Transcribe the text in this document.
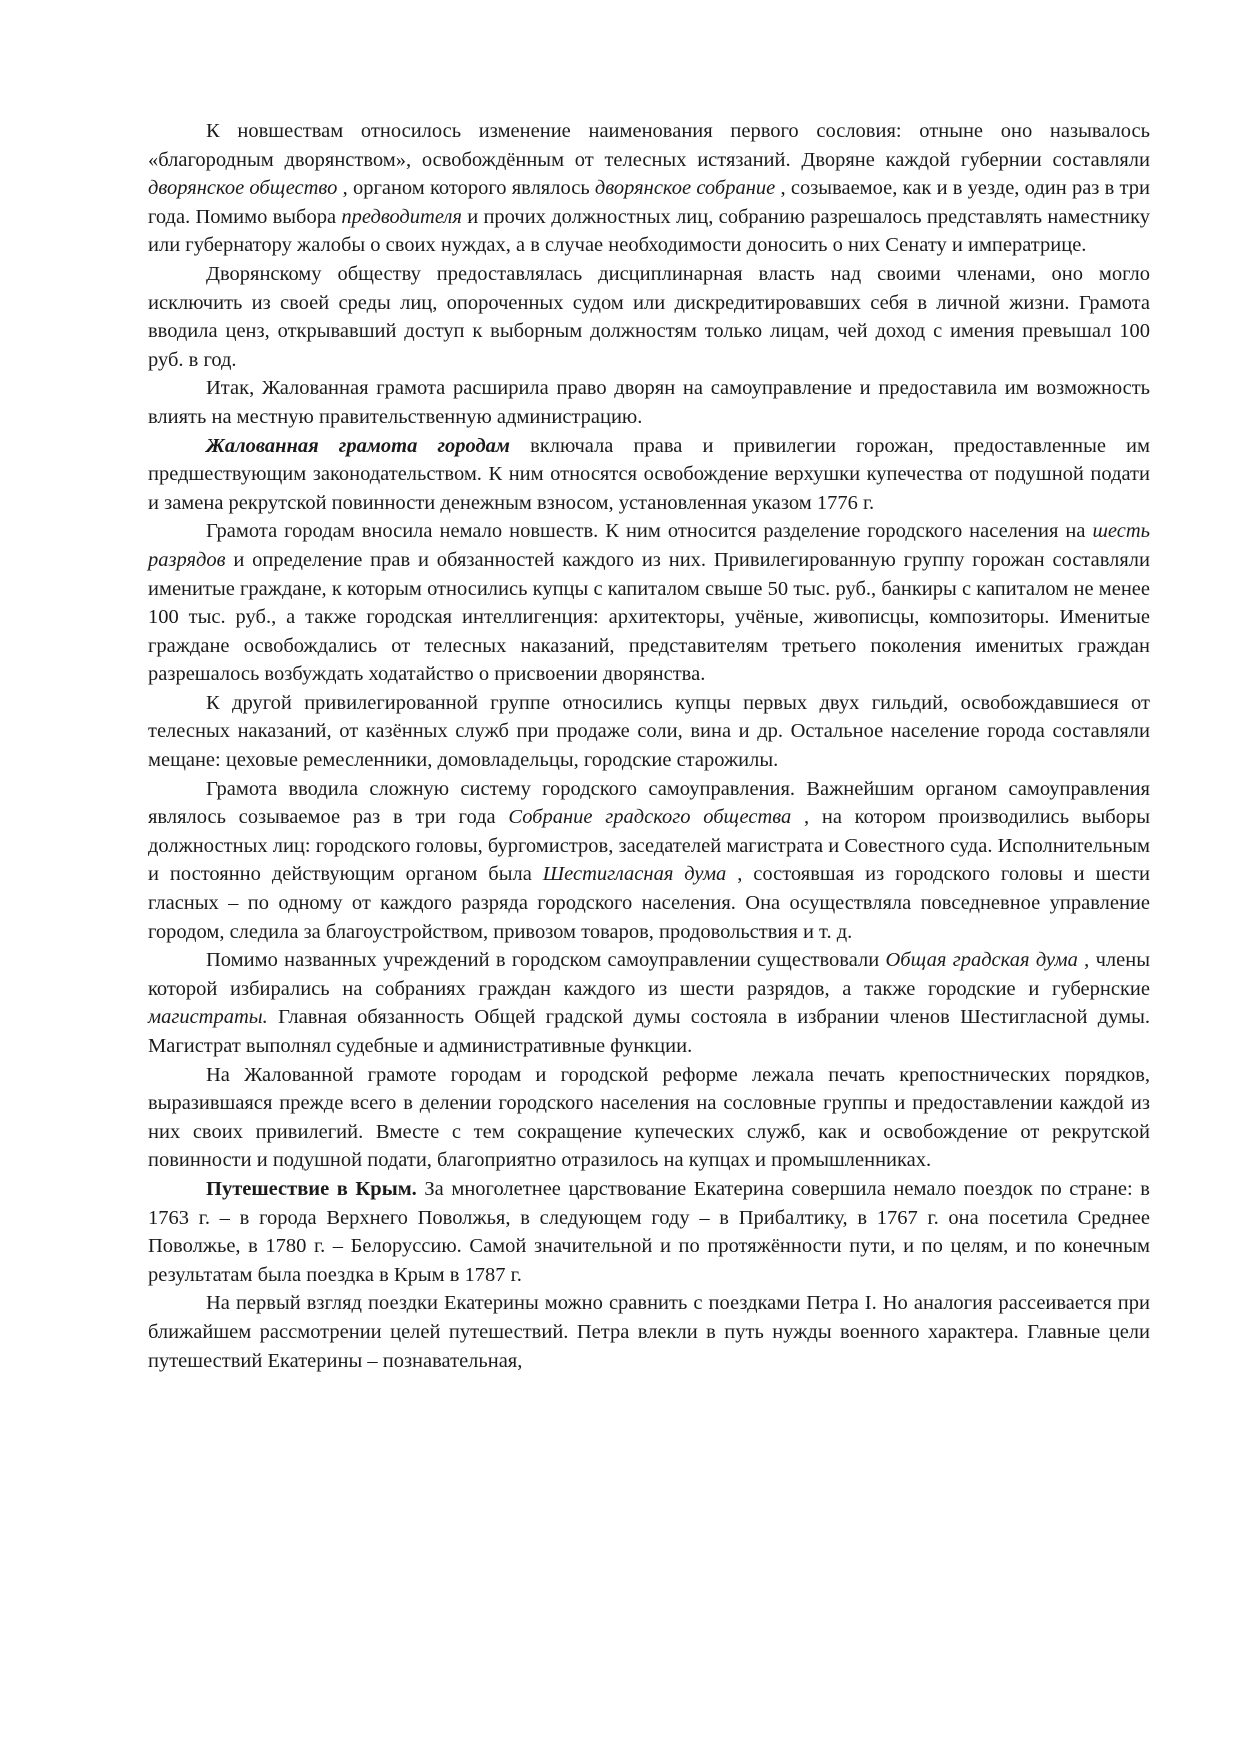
К новшествам относилось изменение наименования первого сословия: отныне оно называлось «благородным дворянством», освобождённым от телесных истязаний. Дворяне каждой губернии составляли дворянское общество , органом которого являлось дворянское собрание , созываемое, как и в уезде, один раз в три года. Помимо выбора предводителя и прочих должностных лиц, собранию разрешалось представлять наместнику или губернатору жалобы о своих нуждах, а в случае необходимости доносить о них Сенату и императрице.

Дворянскому обществу предоставлялась дисциплинарная власть над своими членами, оно могло исключить из своей среды лиц, опороченных судом или дискредитировавших себя в личной жизни. Грамота вводила ценз, открывавший доступ к выборным должностям только лицам, чей доход с имения превышал 100 руб. в год.

Итак, Жалованная грамота расширила право дворян на самоуправление и предоставила им возможность влиять на местную правительственную администрацию.

Жалованная грамота городам включала права и привилегии горожан, предоставленные им предшествующим законодательством. К ним относятся освобождение верхушки купечества от подушной подати и замена рекрутской повинности денежным взносом, установленная указом 1776 г.

Грамота городам вносила немало новшеств. К ним относится разделение городского населения на шесть разрядов и определение прав и обязанностей каждого из них. Привилегированную группу горожан составляли именитые граждане, к которым относились купцы с капиталом свыше 50 тыс. руб., банкиры с капиталом не менее 100 тыс. руб., а также городская интеллигенция: архитекторы, учёные, живописцы, композиторы. Именитые граждане освобождались от телесных наказаний, представителям третьего поколения именитых граждан разрешалось возбуждать ходатайство о присвоении дворянства.

К другой привилегированной группе относились купцы первых двух гильдий, освобождавшиеся от телесных наказаний, от казённых служб при продаже соли, вина и др. Остальное население города составляли мещане: цеховые ремесленники, домовладельцы, городские старожилы.

Грамота вводила сложную систему городского самоуправления. Важнейшим органом самоуправления являлось созываемое раз в три года Собрание градского общества , на котором производились выборы должностных лиц: городского головы, бургомистров, заседателей магистрата и Совестного суда. Исполнительным и постоянно действующим органом была Шестигласная дума , состоявшая из городского головы и шести гласных – по одному от каждого разряда городского населения. Она осуществляла повседневное управление городом, следила за благоустройством, привозом товаров, продовольствия и т. д.

Помимо названных учреждений в городском самоуправлении существовали Общая градская дума , члены которой избирались на собраниях граждан каждого из шести разрядов, а также городские и губернские магистраты. Главная обязанность Общей градской думы состояла в избрании членов Шестигласной думы. Магистрат выполнял судебные и административные функции.

На Жалованной грамоте городам и городской реформе лежала печать крепостнических порядков, выразившаяся прежде всего в делении городского населения на сословные группы и предоставлении каждой из них своих привилегий. Вместе с тем сокращение купеческих служб, как и освобождение от рекрутской повинности и подушной подати, благоприятно отразилось на купцах и промышленниках.

Путешествие в Крым. За многолетнее царствование Екатерина совершила немало поездок по стране: в 1763 г. – в города Верхнего Поволжья, в следующем году – в Прибалтику, в 1767 г. она посетила Среднее Поволжье, в 1780 г. – Белоруссию. Самой значительной и по протяжённости пути, и по целям, и по конечным результатам была поездка в Крым в 1787 г.

На первый взгляд поездки Екатерины можно сравнить с поездками Петра I. Но аналогия рассеивается при ближайшем рассмотрении целей путешествий. Петра влекли в путь нужды военного характера. Главные цели путешествий Екатерины – познавательная,
